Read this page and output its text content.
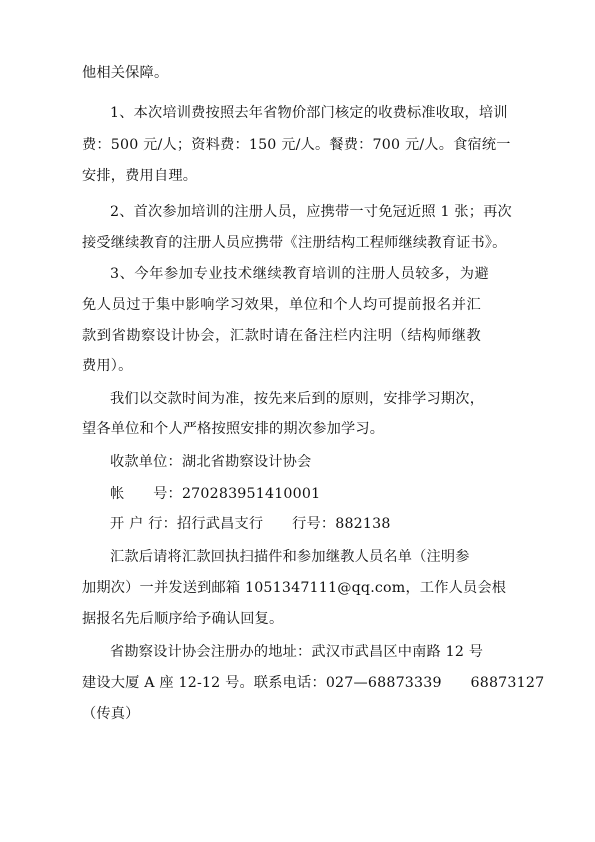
他相关保障。
1、本次培训费按照去年省物价部门核定的收费标准收取，培训
费：500 元/人；资料费：150 元/人。餐费：700 元/人。食宿统一
安排，费用自理。
2、首次参加培训的注册人员，应携带一寸免冠近照 1 张；再次
接受继续教育的注册人员应携带《注册结构工程师继续教育证书》。
3、今年参加专业技术继续教育培训的注册人员较多，为避
免人员过于集中影响学习效果，单位和个人均可提前报名并汇
款到省勘察设计协会，汇款时请在备注栏内注明（结构师继教
费用）。
我们以交款时间为准，按先来后到的原则，安排学习期次，
望各单位和个人严格按照安排的期次参加学习。
收款单位：湖北省勘察设计协会
帐　　号：270283951410001
开 户 行：招行武昌支行　　行号：882138
汇款后请将汇款回执扫描件和参加继教人员名单（注明参
加期次）一并发送到邮箱 1051347111@qq.com，工作人员会根
据报名先后顺序给予确认回复。
省勘察设计协会注册办的地址：武汉市武昌区中南路 12 号
建设大厦 A 座 12-12 号。联系电话：027—68873339　　68873127
（传真）
